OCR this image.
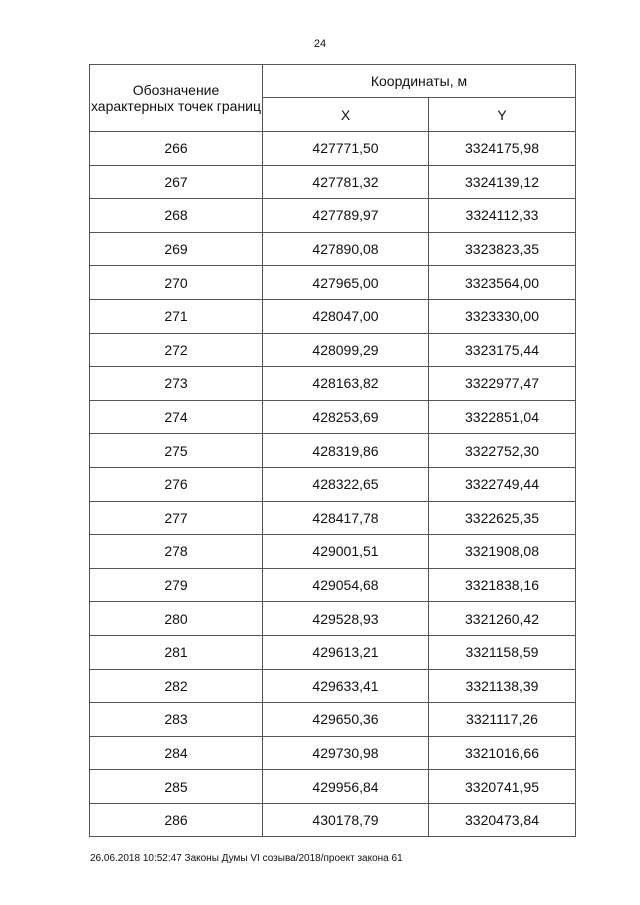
24
Обозначение характерных точек границ	Координаты, м	
	X	Y
266	427771,50	3324175,98
267	427781,32	3324139,12
268	427789,97	3324112,33
269	427890,08	3323823,35
270	427965,00	3323564,00
271	428047,00	3323330,00
272	428099,29	3323175,44
273	428163,82	3322977,47
274	428253,69	3322851,04
275	428319,86	3322752,30
276	428322,65	3322749,44
277	428417,78	3322625,35
278	429001,51	3321908,08
279	429054,68	3321838,16
280	429528,93	3321260,42
281	429613,21	3321158,59
282	429633,41	3321138,39
283	429650,36	3321117,26
284	429730,98	3321016,66
285	429956,84	3320741,95
286	430178,79	3320473,84
26.06.2018 10:52:47 Законы Думы VI созыва/2018/проект закона 61
